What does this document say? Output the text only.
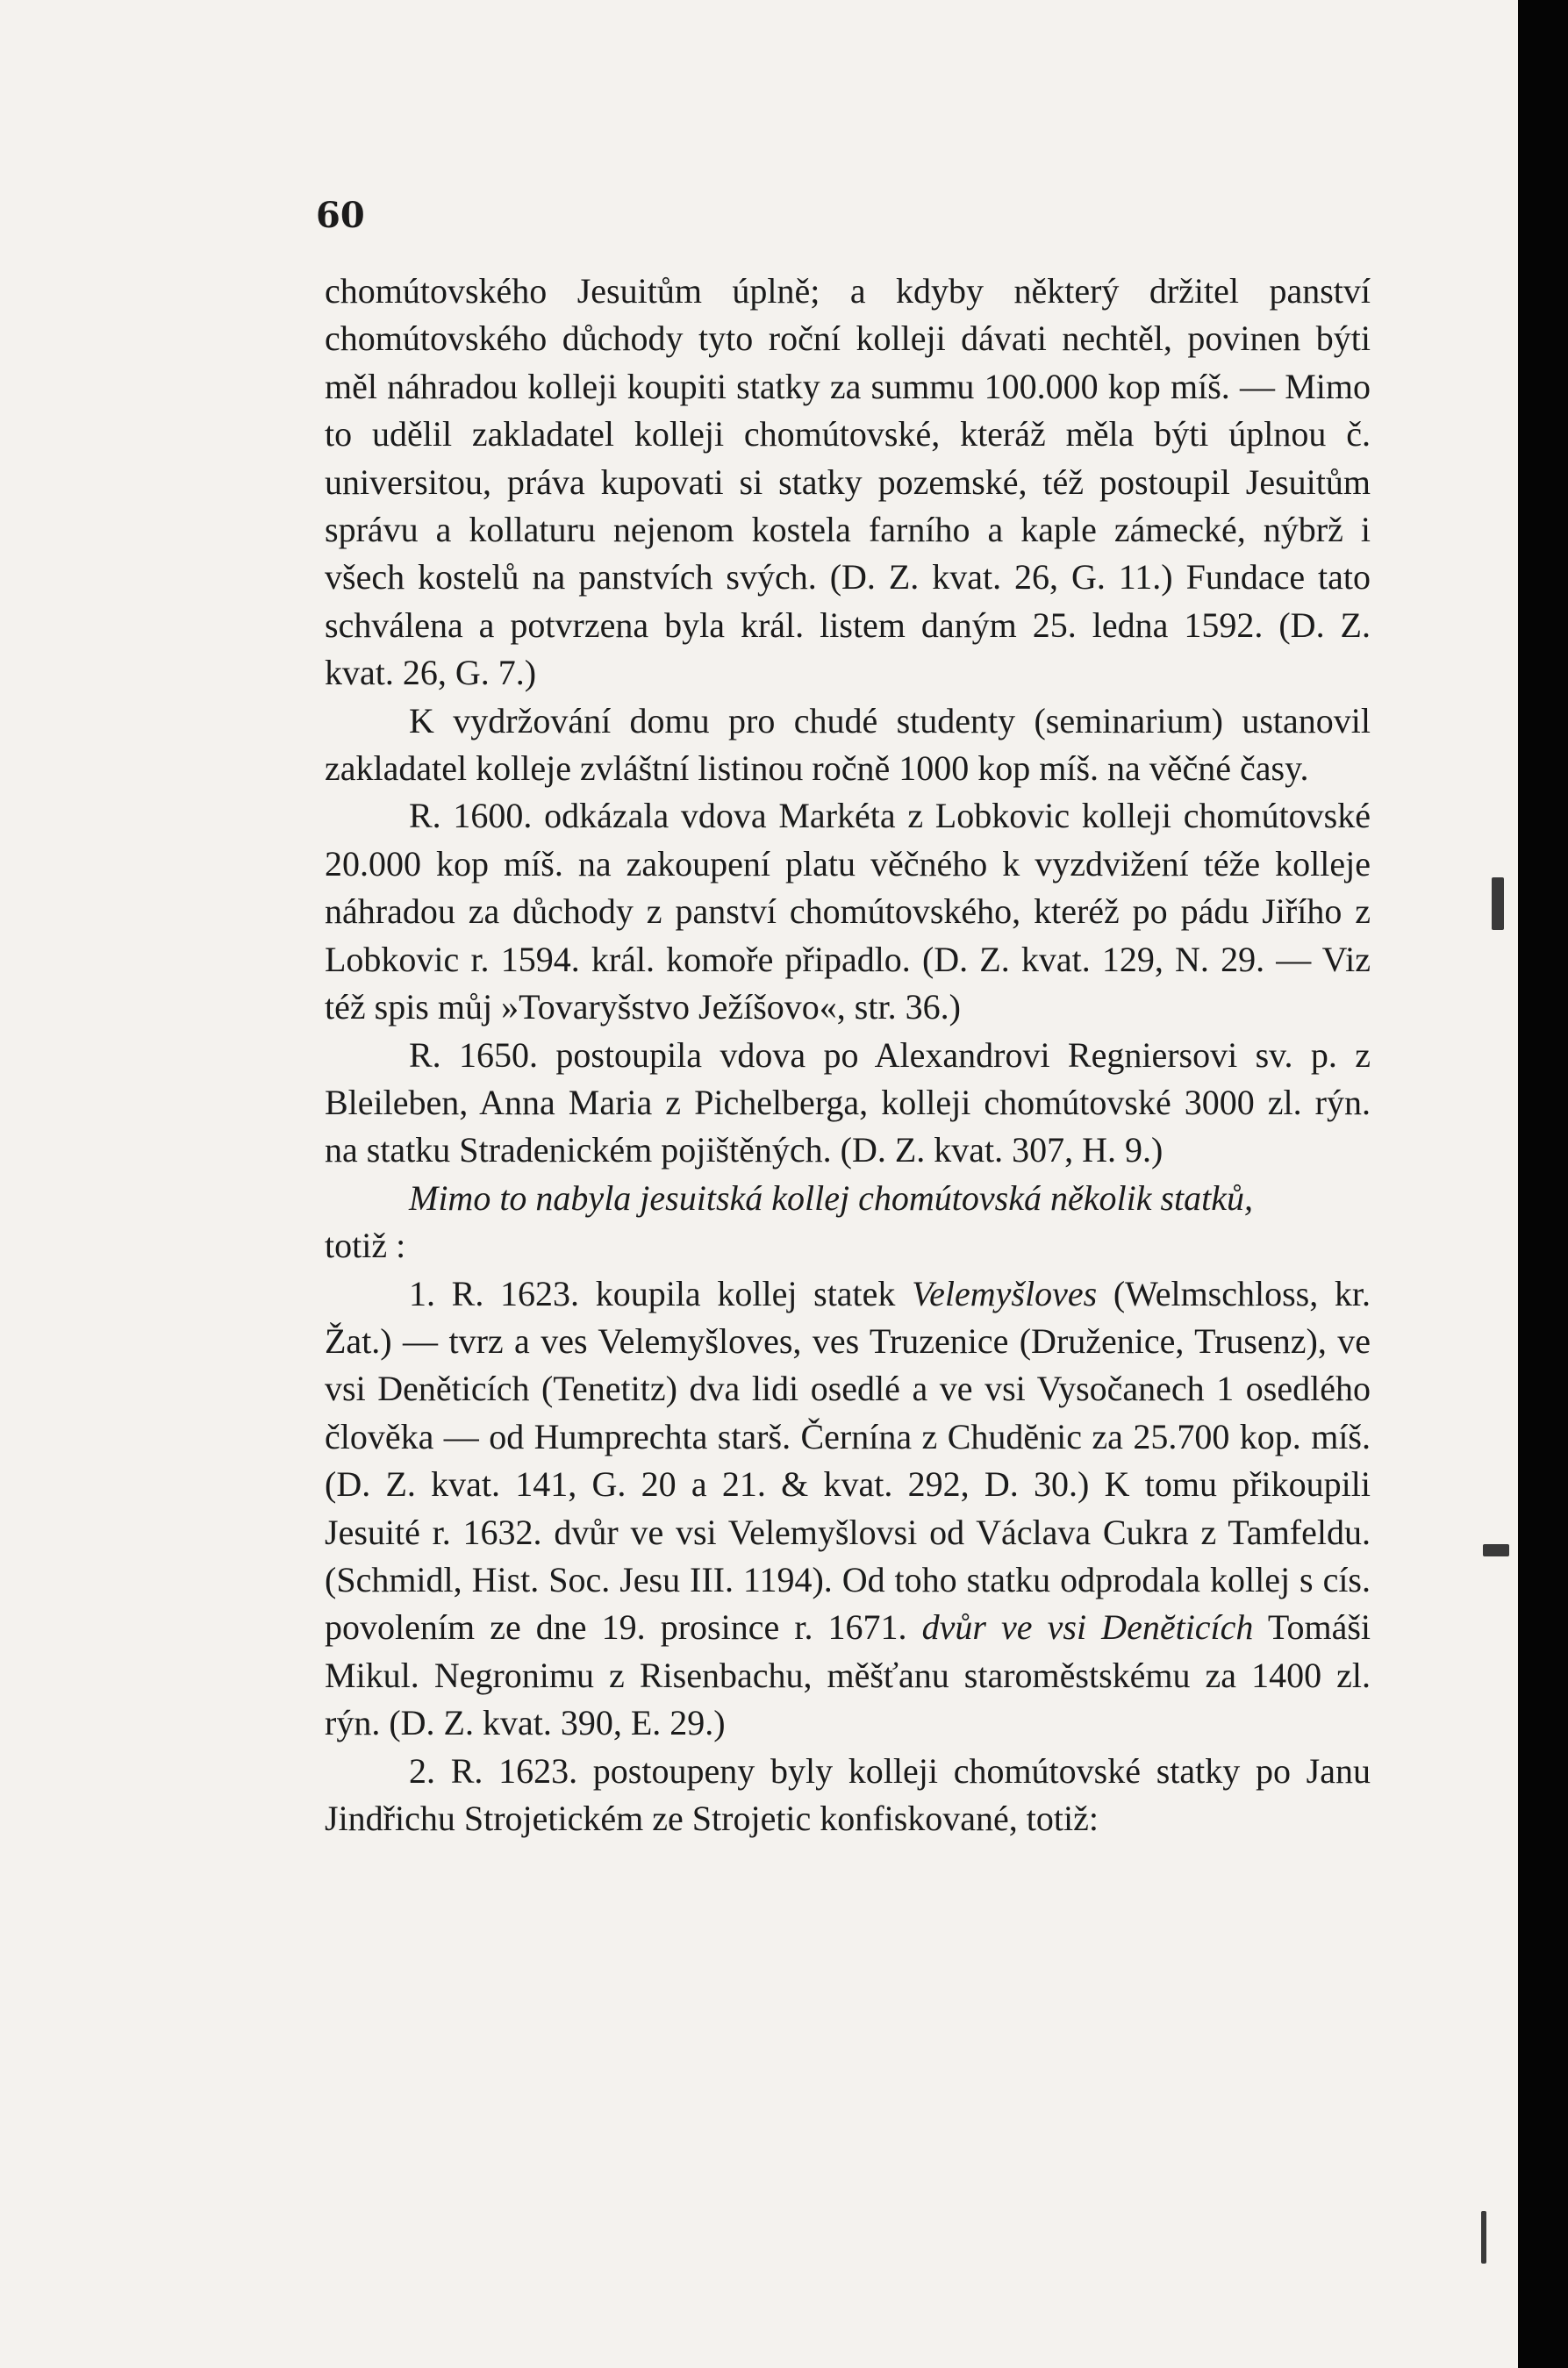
60

chomútovského Jesuitům úplně; a kdyby některý držitel panství chomútovského důchody tyto roční kolleji dávati nechtěl, povinen býti měl náhradou kolleji koupiti statky za summu 100.000 kop míš. — Mimo to udělil zakladatel kolleji chomútovské, kteráž měla býti úplnou č. universitou, práva kupovati si statky pozemské, též postoupil Jesuitům správu a kollaturu nejenom kostela farního a kaple zámecké, nýbrž i všech kostelů na panstvích svých. (D. Z. kvat. 26, G. 11.) Fundace tato schválena a potvrzena byla král. listem daným 25. ledna 1592. (D. Z. kvat. 26, G. 7.)

K vydržování domu pro chudé studenty (seminarium) ustanovil zakladatel kolleje zvláštní listinou ročně 1000 kop míš. na věčné časy.

R. 1600. odkázala vdova Markéta z Lobkovic kolleji chomútovské 20.000 kop míš. na zakoupení platu věčného k vyzdvižení téže kolleje náhradou za důchody z panství chomútovského, kteréž po pádu Jiřího z Lobkovic r. 1594. král. komoře připadlo. (D. Z. kvat. 129, N. 29. — Viz též spis můj »Tovaryšstvo Ježíšovo«, str. 36.)

R. 1650. postoupila vdova po Alexandrovi Regniersovi sv. p. z Bleileben, Anna Maria z Pichelberga, kolleji chomútovské 3000 zl. rýn. na statku Stradenickém pojištěných. (D. Z. kvat. 307, H. 9.)

Mimo to nabyla jesuitská kollej chomútovská několik statků,

totiž :

1. R. 1623. koupila kollej statek Velemyšloves (Welmschloss, kr. Žat.) — tvrz a ves Velemyšloves, ves Truzenice (Druženice, Trusenz), ve vsi Deněticích (Tenetitz) dva lidi osedlé a ve vsi Vysočanech 1 osedlého člověka — od Humprechta starš. Černína z Chudĕnic za 25.700 kop. míš. (D. Z. kvat. 141, G. 20 a 21. & kvat. 292, D. 30.) K tomu přikoupili Jesuité r. 1632. dvůr ve vsi Velemyšlovsi od Václava Cukra z Tamfeldu. (Schmidl, Hist. Soc. Jesu III. 1194). Od toho statku odprodala kollej s cís. povolením ze dne 19. prosince r. 1671. dvůr ve vsi Denĕticích Tomáši Mikul. Negronimu z Risenbachu, měšťanu staroměstskému za 1400 zl. rýn. (D. Z. kvat. 390, E. 29.)

2. R. 1623. postoupeny byly kolleji chomútovské statky po Janu Jindřichu Strojetickém ze Strojetic konfiskované, totiž:
